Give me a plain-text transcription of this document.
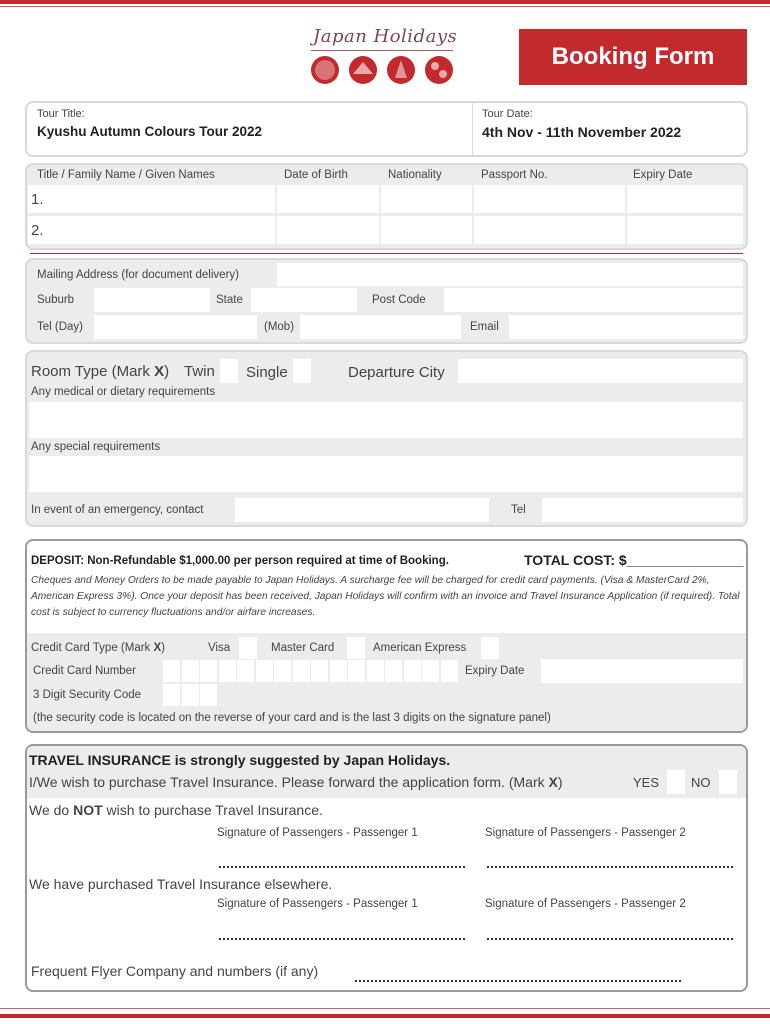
Japan Holidays
Booking Form
Tour Title:
Kyushu Autumn Colours Tour 2022
Tour Date:
4th Nov - 11th November 2022
Title / Family Name / Given Names	Date of Birth	Nationality	Passport No.	Expiry Date
1.
2.
Mailing Address (for document delivery)
Suburb	State	Post Code
Tel (Day)	(Mob)	Email
Room Type (Mark X) Twin Single	Departure City
Any medical or dietary requirements
Any special requirements
In event of an emergency, contact	Tel
DEPOSIT: Non-Refundable $1,000.00 per person required at time of Booking.	TOTAL COST: $_______________
Cheques and Money Orders to be made payable to Japan Holidays. A surcharge fee will be charged for credit card payments. (Visa & MasterCard 2%, American Express 3%). Once your deposit has been received, Japan Holidays will confirm with an invoice and Travel Insurance Application (if required). Total cost is subject to currency fluctuations and/or airfare increases.
Credit Card Type (Mark X)	Visa	Master Card	American Express
Credit Card Number	Expiry Date
3 Digit Security Code
(the security code is located on the reverse of your card and is the last 3 digits on the signature panel)
TRAVEL INSURANCE is strongly suggested by Japan Holidays.
I/We wish to purchase Travel Insurance. Please forward the application form. (Mark X)	YES NO
We do NOT wish to purchase Travel Insurance.
Signature of Passengers - Passenger 1	Signature of Passengers - Passenger 2
We have purchased Travel Insurance elsewhere.
Signature of Passengers - Passenger 1	Signature of Passengers - Passenger 2
Frequent Flyer Company and numbers (if any)
